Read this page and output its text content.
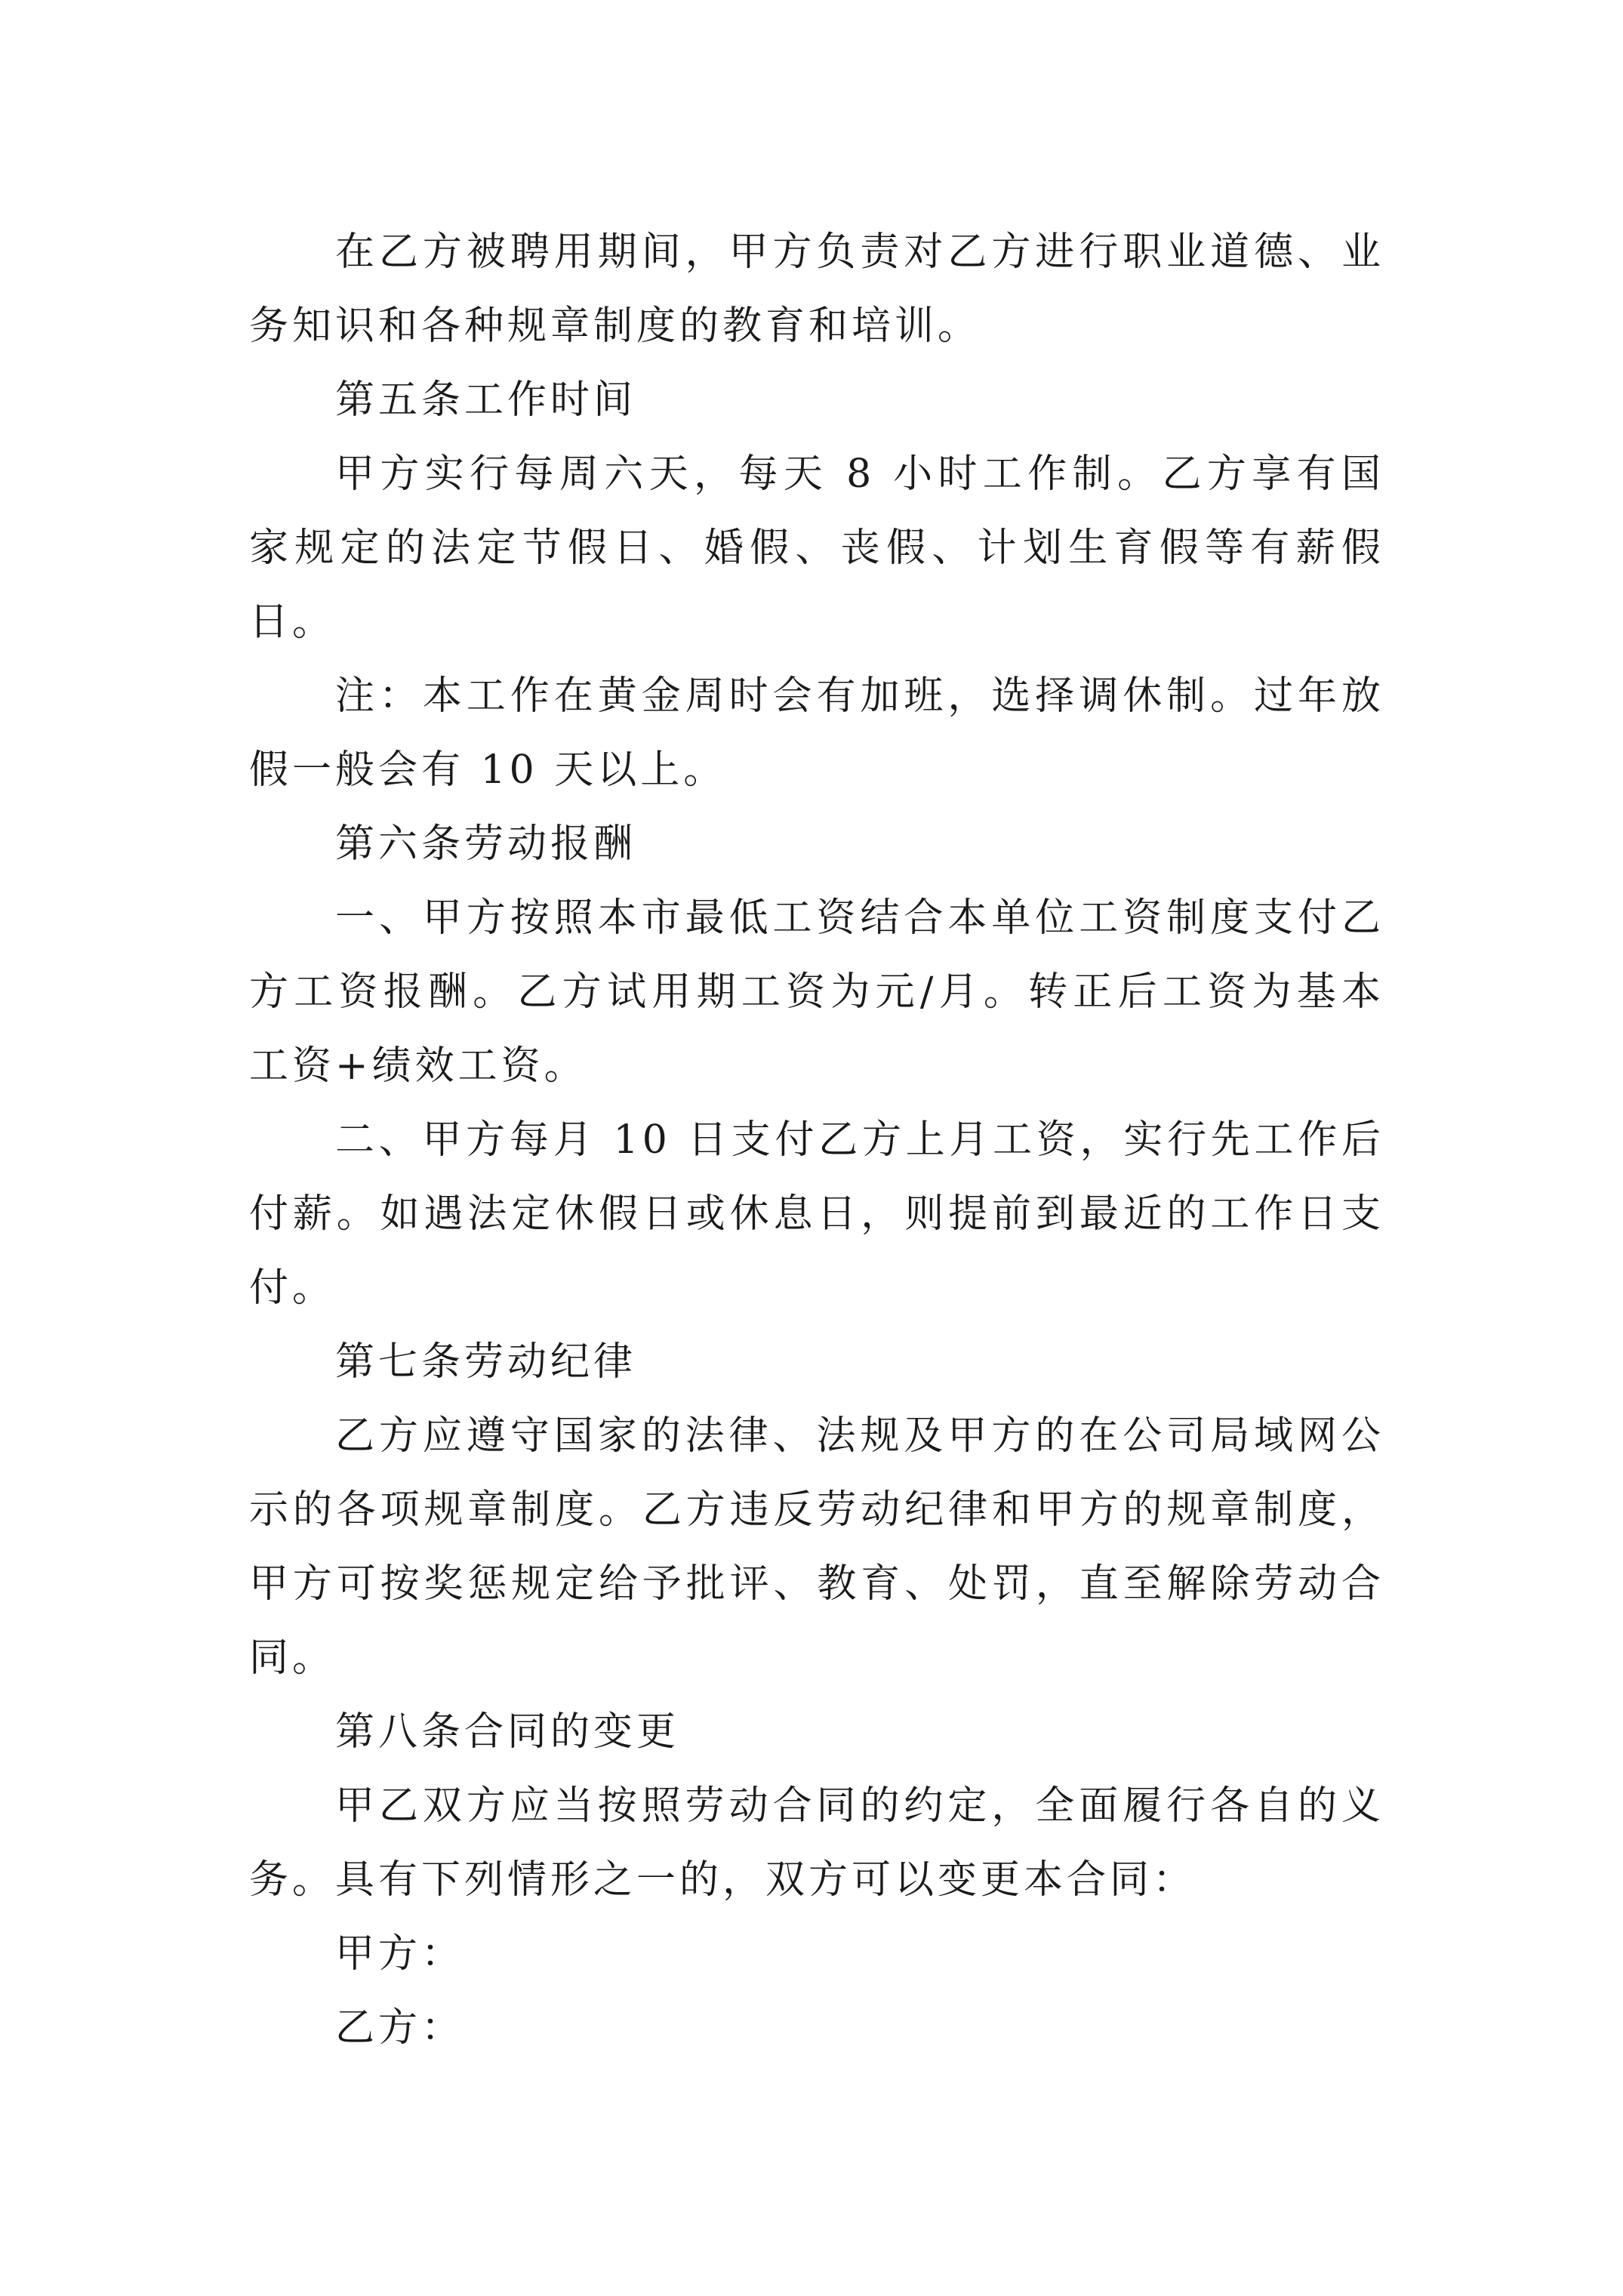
在乙方被聘用期间，甲方负责对乙方进行职业道德、业务知识和各种规章制度的教育和培训。

第五条工作时间

甲方实行每周六天，每天 8 小时工作制。乙方享有国家规定的法定节假日、婚假、丧假、计划生育假等有薪假日。

注：本工作在黄金周时会有加班，选择调休制。过年放假一般会有 10 天以上。

第六条劳动报酬

一、甲方按照本市最低工资结合本单位工资制度支付乙方工资报酬。乙方试用期工资为元/月。转正后工资为基本工资+绩效工资。

二、甲方每月 10 日支付乙方上月工资，实行先工作后付薪。如遇法定休假日或休息日，则提前到最近的工作日支付。

第七条劳动纪律

乙方应遵守国家的法律、法规及甲方的在公司局域网公示的各项规章制度。乙方违反劳动纪律和甲方的规章制度，甲方可按奖惩规定给予批评、教育、处罚，直至解除劳动合同。

第八条合同的变更

甲乙双方应当按照劳动合同的约定，全面履行各自的义务。具有下列情形之一的，双方可以变更本合同：

甲方：

乙方：
